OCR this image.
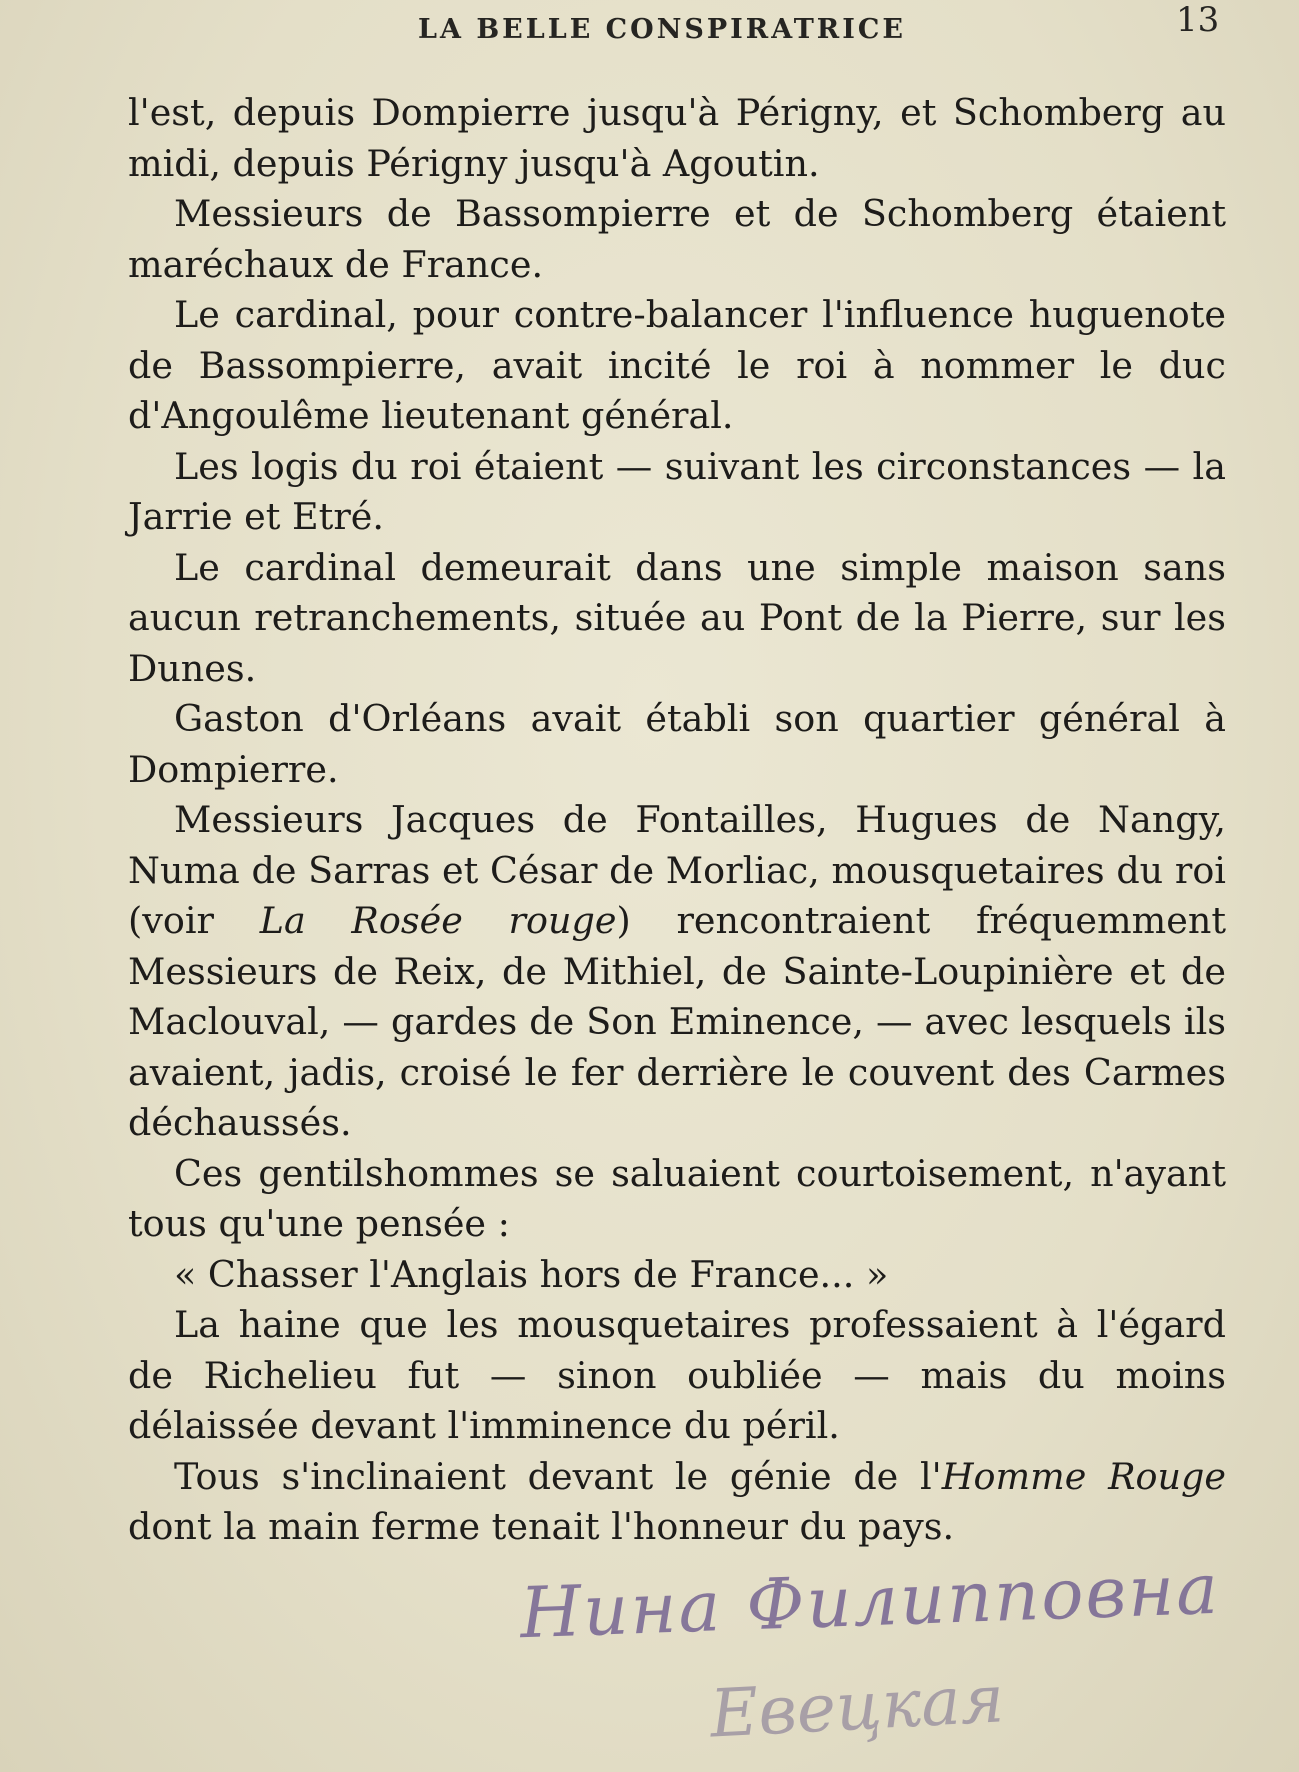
LA BELLE CONSPIRATRICE	13

l'est, depuis Dompierre jusqu'à Périgny, et Schomberg au midi, depuis Périgny jusqu'à Agoutin.

Messieurs de Bassompierre et de Schomberg étaient maréchaux de France.

Le cardinal, pour contre-balancer l'influence huguenote de Bassompierre, avait incité le roi à nommer le duc d'Angoulême lieutenant général.

Les logis du roi étaient — suivant les circonstances — la Jarrie et Etré.

Le cardinal demeurait dans une simple maison sans aucun retranchements, située au Pont de la Pierre, sur les Dunes.

Gaston d'Orléans avait établi son quartier général à Dompierre.

Messieurs Jacques de Fontailles, Hugues de Nangy, Numa de Sarras et César de Morliac, mousquetaires du roi (voir La Rosée rouge) rencontraient fréquemment Messieurs de Reix, de Mithiel, de Sainte-Loupinière et de Maclouval, — gardes de Son Eminence, — avec lesquels ils avaient, jadis, croisé le fer derrière le couvent des Carmes déchaussés.

Ces gentilshommes se saluaient courtoisement, n'ayant tous qu'une pensée :

« Chasser l'Anglais hors de France... »

La haine que les mousquetaires professaient à l'égard de Richelieu fut — sinon oubliée — mais du moins délaissée devant l'imminence du péril.

Tous s'inclinaient devant le génie de l'Homme Rouge dont la main ferme tenait l'honneur du pays.

Нина Филипповна
Евецкая
